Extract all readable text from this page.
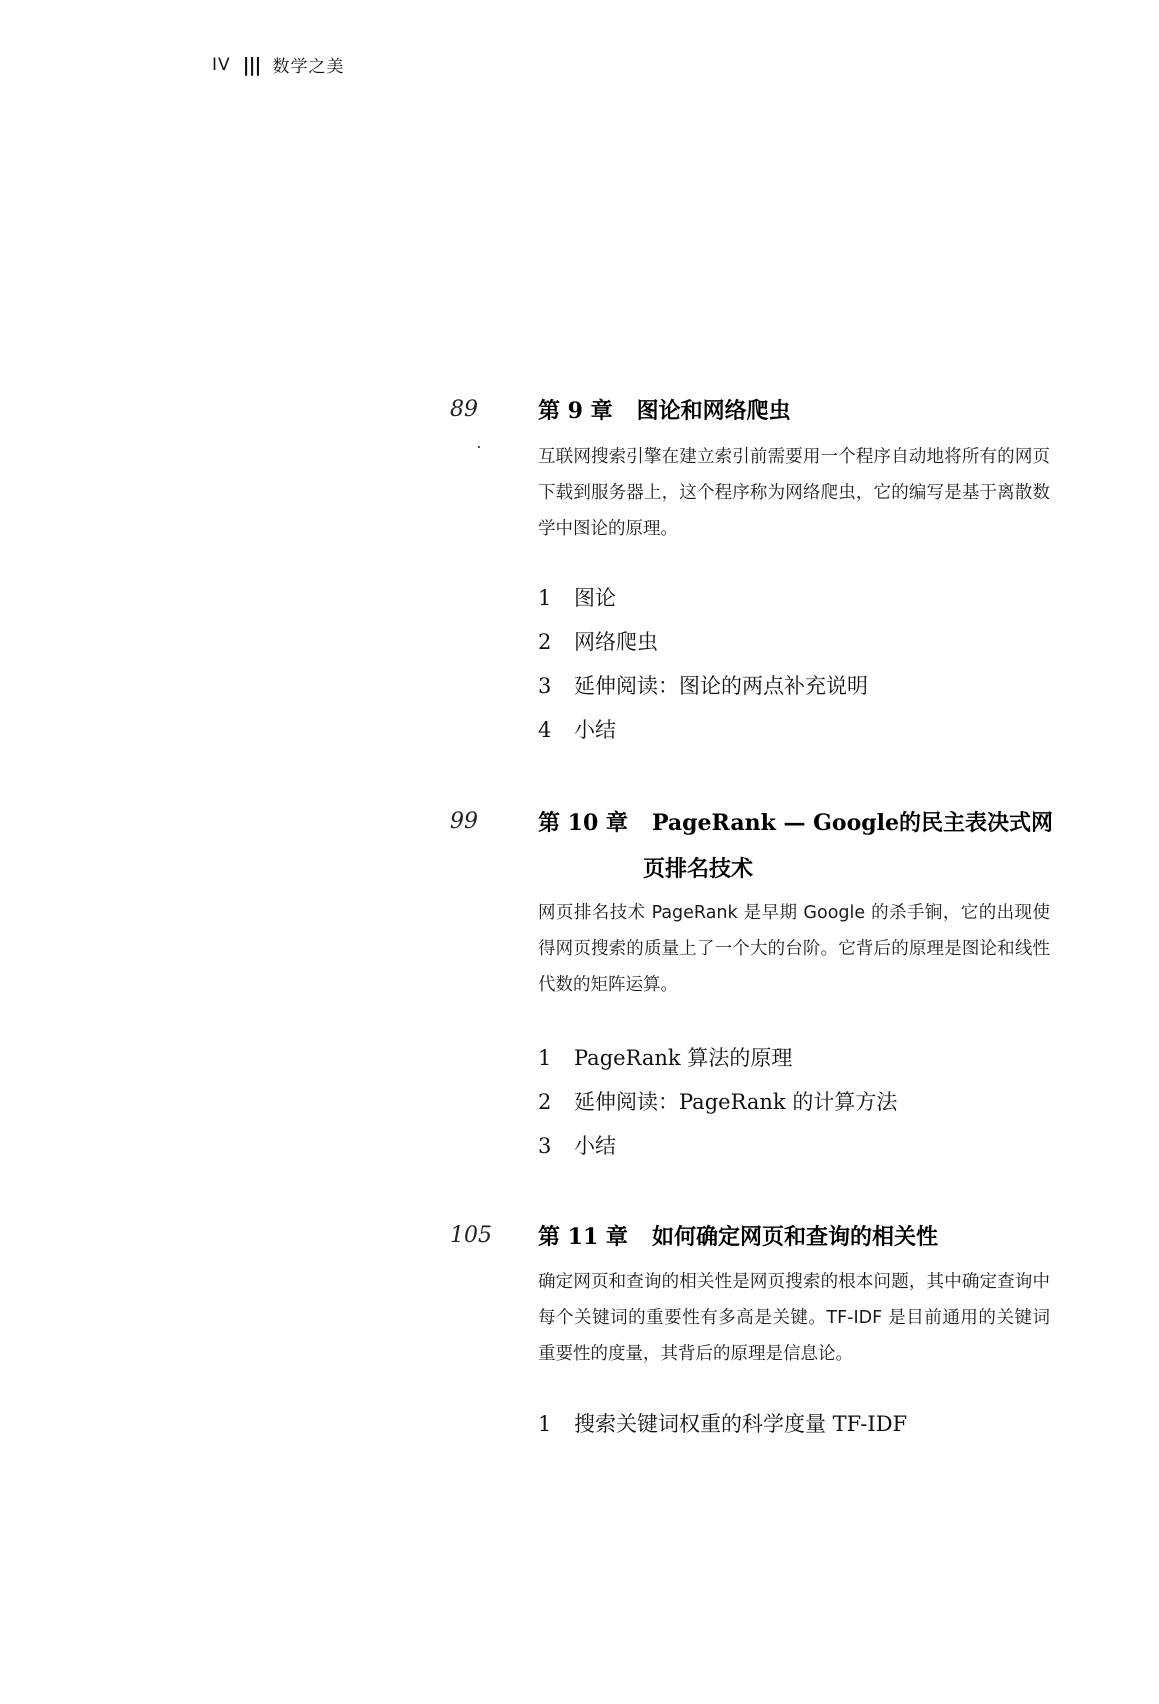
IV ||| 数学之美
89	第 9 章 图论和网络爬虫
互联网搜索引擎在建立索引前需要用一个程序自动地将所有的网页下载到服务器上，这个程序称为网络爬虫，它的编写是基于离散数学中图论的原理。
1	图论
2	网络爬虫
3	延伸阅读：图论的两点补充说明
4	小结
99	第 10 章 PageRank — Google的民主表决式网
页排名技术
网页排名技术 PageRank 是早期 Google 的杀手锏，它的出现使得网页搜索的质量上了一个大的台阶。它背后的原理是图论和线性代数的矩阵运算。
1	PageRank 算法的原理
2	延伸阅读：PageRank 的计算方法
3	小结
105 第 11 章 如何确定网页和查询的相关性
确定网页和查询的相关性是网页搜索的根本问题，其中确定查询中每个关键词的重要性有多高是关键。TF-IDF 是目前通用的关键词重要性的度量，其背后的原理是信息论。
1	搜索关键词权重的科学度量 TF-IDF
